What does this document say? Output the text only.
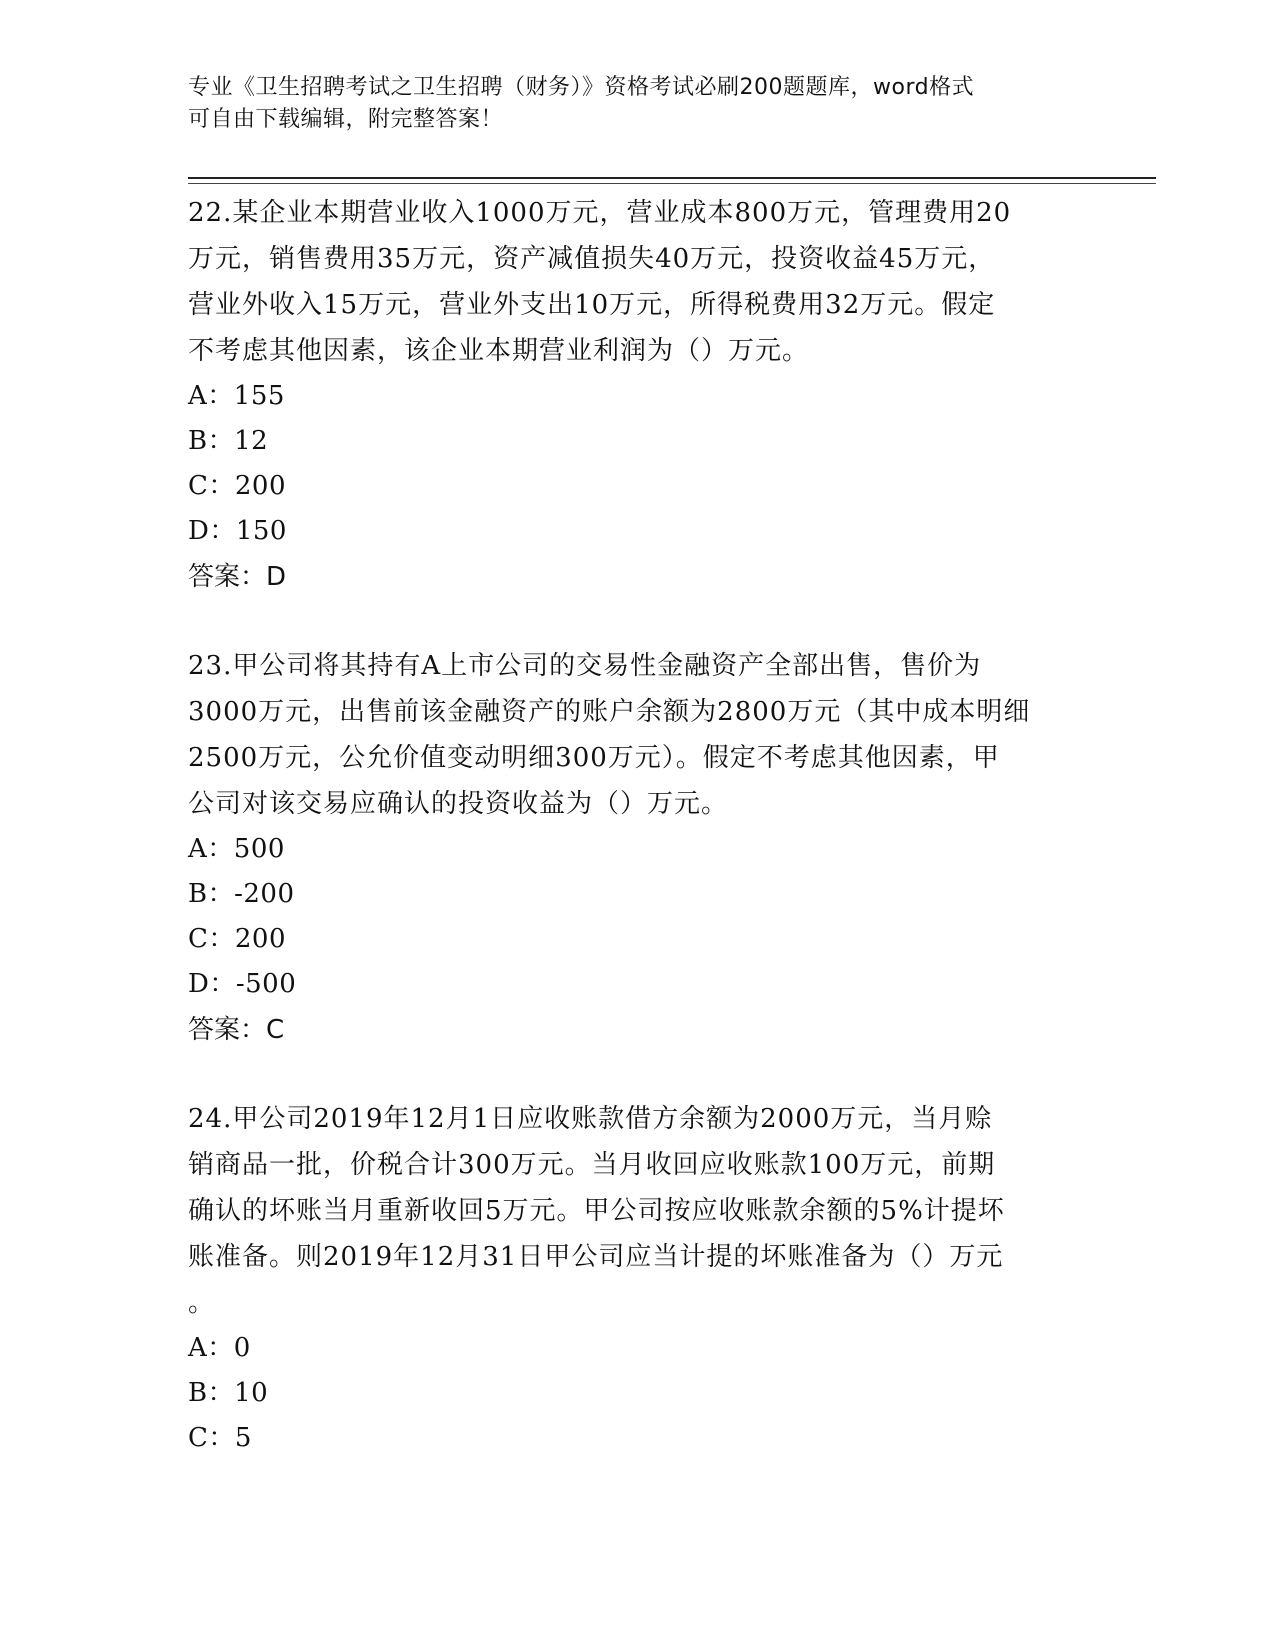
专业《卫生招聘考试之卫生招聘（财务）》资格考试必刷200题题库，word格式
可自由下载编辑，附完整答案！
22.某企业本期营业收入1000万元，营业成本800万元，管理费用20
万元，销售费用35万元，资产减值损失40万元，投资收益45万元，
营业外收入15万元，营业外支出10万元，所得税费用32万元。假定
不考虑其他因素，该企业本期营业利润为（）万元。
A：155
B：12
C：200
D：150
答案：D
23.甲公司将其持有A上市公司的交易性金融资产全部出售，售价为
3000万元，出售前该金融资产的账户余额为2800万元（其中成本明细
2500万元，公允价值变动明细300万元）。假定不考虑其他因素，甲
公司对该交易应确认的投资收益为（）万元。
A：500
B：-200
C：200
D：-500
答案：C
24.甲公司2019年12月1日应收账款借方余额为2000万元，当月赊
销商品一批，价税合计300万元。当月收回应收账款100万元，前期
确认的坏账当月重新收回5万元。甲公司按应收账款余额的5%计提坏
账准备。则2019年12月31日甲公司应当计提的坏账准备为（）万元
。
A：0
B：10
C：5
